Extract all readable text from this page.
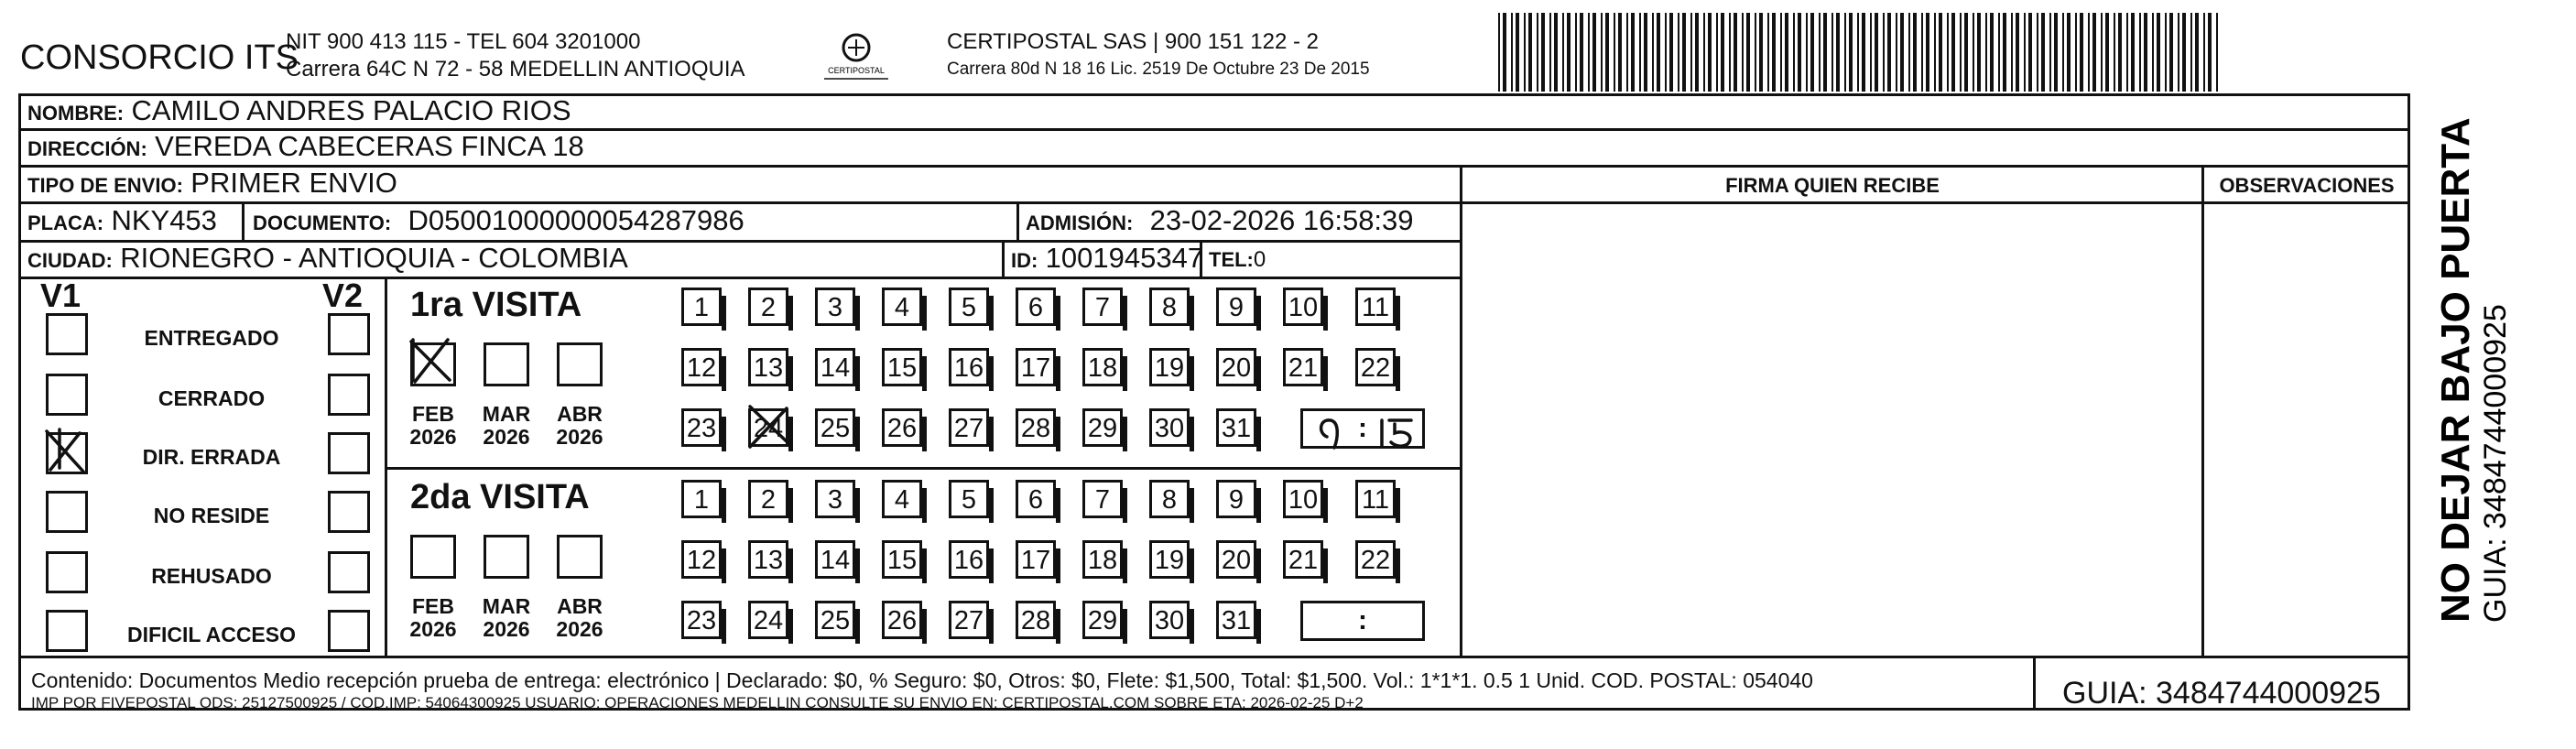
CONSORCIO ITS
NIT 900 413 115 - TEL 604 3201000
Carrera 64C N 72 - 58 MEDELLIN ANTIOQUIA	CERTIPOSTAL
CERTIPOSTAL SAS | 900 151 122 - 2
Carrera 80d N 18 16 Lic. 2519 De Octubre 23 De 2015
NOMBRE: CAMILO ANDRES PALACIO RIOS
DIRECCIÓN: VEREDA CABECERAS FINCA 18
TIPO DE ENVIO: PRIMER ENVIO
PLACA: NKY453 DOCUMENTO: D05001000000054287986	ADMISIÓN: 23-02-2026 16:58:39
CIUDAD: RIONEGRO - ANTIOQUIA - COLOMBIA	ID: 1001945347 TEL:0
FIRMA QUIEN RECIBE	OBSERVACIONES
V1	V2
ENTREGADO
CERRADO
DIR. ERRADA
NO RESIDE
REHUSADO
DIFICIL ACCESO
1ra VISITA
FEB
2026
MAR
2026
ABR
2026
1	2	3	4	5	6	7	8	9	10 11
12 13 14 15 16 17 18 19 20 21 22
23 24 25 26 27 28 29 30 31	:
2da VISITA
FEB
2026
MAR
2026
ABR
2026
1	2	3	4	5	6	7	8	9	10 11
12 13 14 15 16 17 18 19 20 21 22
23 24 25 26 27 28 29 30 31	:
Contenido: Documentos Medio recepción prueba de entrega: electrónico | Declarado: $0, % Seguro: $0, Otros: $0, Flete: $1,500, Total: $1,500. Vol.: 1*1*1. 0.5 1 Unid. COD. POSTAL: 054040
IMP POR FIVEPOSTAL ODS: 25127500925 / COD.IMP: 54064300925 USUARIO: OPERACIONES MEDELLIN CONSULTE SU ENVIO EN: CERTIPOSTAL.COM SOBRE ETA: 2026-02-25 D+2	GUIA: 3484744000925
NO DEJAR BAJO PUERTA GUIA: 3484744000925
